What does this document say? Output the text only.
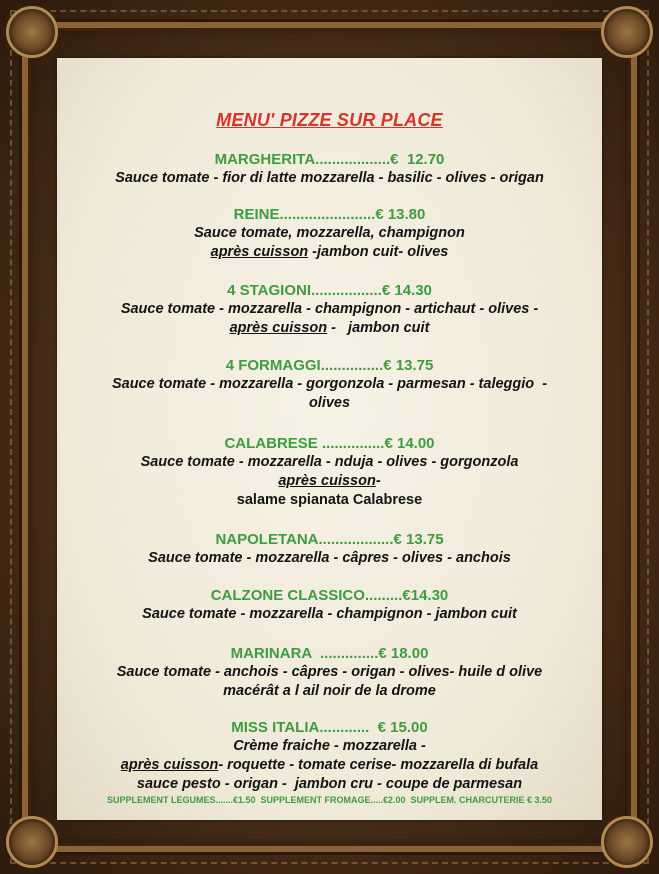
MENU' PIZZE SUR PLACE
MARGHERITA..................€  12.70
Sauce tomate - fior di latte mozzarella - basilic - olives - origan
REINE.......................€ 13.80
Sauce tomate, mozzarella, champignon
après cuisson -jambon cuit- olives
4 STAGIONI.................€ 14.30
Sauce tomate - mozzarella - champignon - artichaut - olives -
après cuisson -   jambon cuit
4 FORMAGGI...............€ 13.75
Sauce tomate - mozzarella - gorgonzola - parmesan - taleggio  -
olives
CALABRESE ...............€ 14.00
Sauce tomate - mozzarella - nduja - olives - gorgonzola
après cuisson-
salame spianata Calabrese
NAPOLETANA..................€ 13.75
Sauce tomate - mozzarella - câpres - olives - anchois
CALZONE CLASSICO.........€14.30
Sauce tomate - mozzarella - champignon - jambon cuit
MARINARA  ..............€ 18.00
Sauce tomate - anchois - câpres - origan - olives- huile d olive
macérât a l ail noir de la drome
MISS ITALIA............  € 15.00
Crème fraiche - mozzarella -
après cuisson- roquette - tomate cerise- mozzarella di bufala
sauce pesto - origan -  jambon cru - coupe de parmesan
SUPPLEMENT LEGUMES.......€1.50  SUPPLEMENT FROMAGE.....€2.00  SUPPLEM. CHARCUTERIE € 3.50
